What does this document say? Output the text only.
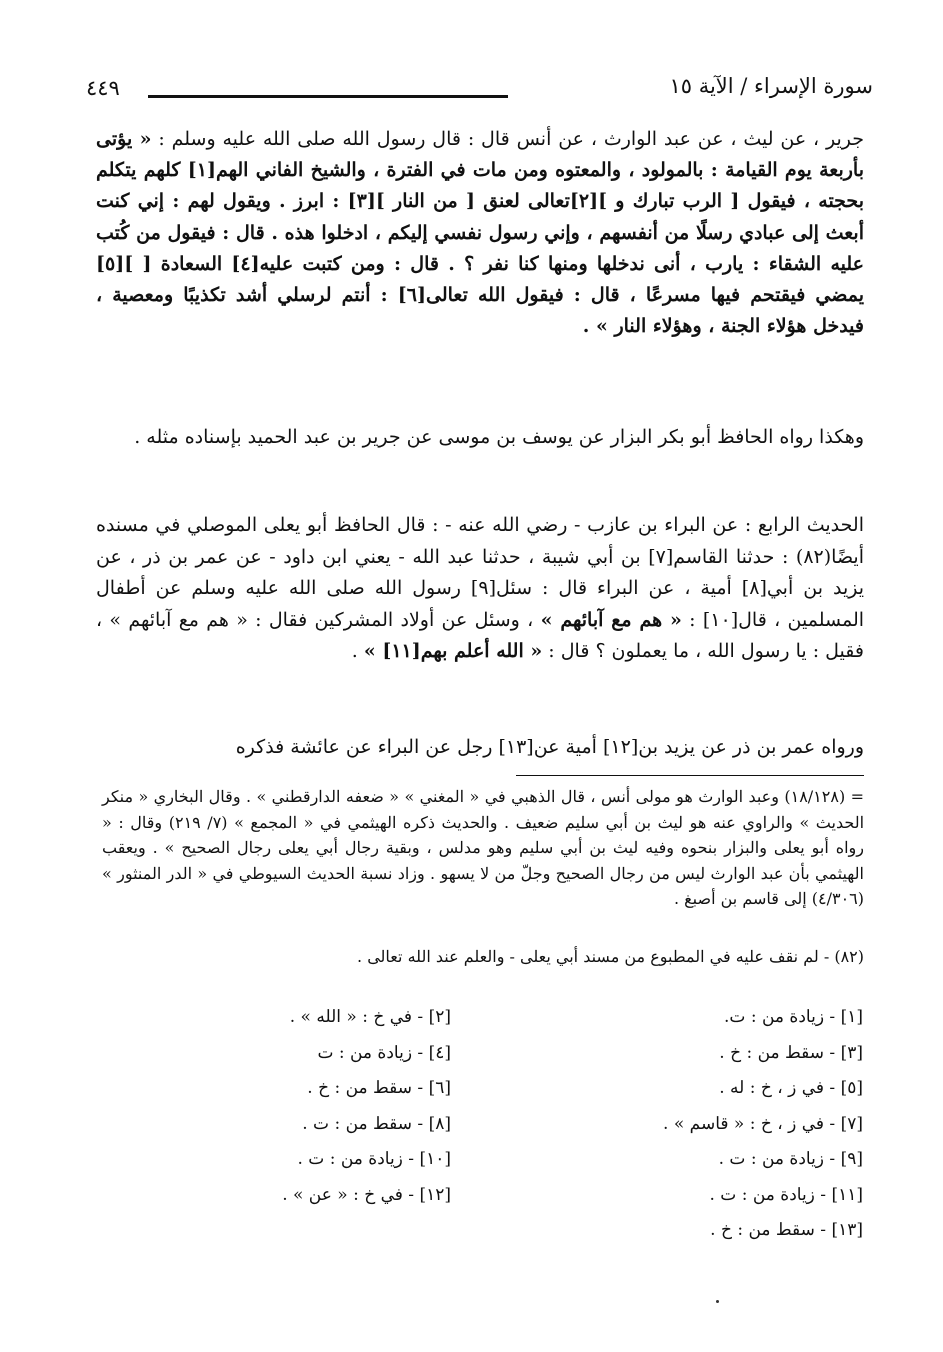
سورة الإسراء / الآية ١٥
٤٤٩

جرير ، عن ليث ، عن عبد الوارث ، عن أنس قال : قال رسول الله صلى الله عليه وسلم : « يؤتى بأربعة يوم القيامة : بالمولود ، والمعتوه ومن مات في الفترة ، والشيخ الفاني الهم[١] كلهم يتكلم بحجته ، فيقول [ الرب تبارك و ][٢]تعالى لعنق [ من النار ][٣] : ابرز . ويقول لهم : إني كنت أبعث إلى عبادي رسلًا من أنفسهم ، وإني رسول نفسي إليكم ، ادخلوا هذه . قال : فيقول من كُتب عليه الشقاء : يارب ، أنى ندخلها ومنها كنا نفر ؟ . قال : ومن كتبت عليه[٤] السعادة [ ][٥] يمضي فيقتحم فيها مسرعًا ، قال : فيقول الله تعالى[٦] : أنتم لرسلي أشد تكذيبًا ومعصية ، فيدخل هؤلاء الجنة ، وهؤلاء النار » .

وهكذا رواه الحافظ أبو بكر البزار عن يوسف بن موسى عن جرير بن عبد الحميد بإسناده مثله .

الحديث الرابع : عن البراء بن عازب - رضي الله عنه - : قال الحافظ أبو يعلى الموصلي في مسنده أيضًا(٨٢) : حدثنا القاسم[٧] بن أبي شيبة ، حدثنا عبد الله - يعني ابن داود - عن عمر بن ذر ، عن يزيد بن أبي[٨] أمية ، عن البراء قال : سئل[٩] رسول الله صلى الله عليه وسلم عن أطفال المسلمين ، قال[١٠] : « هم مع آبائهم » ، وسئل عن أولاد المشركين فقال : « هم مع آبائهم » ، فقيل : يا رسول الله ، ما يعملون ؟ قال : « الله أعلم بهم[١١] » .

ورواه عمر بن ذر عن يزيد بن[١٢] أمية عن[١٣] رجل عن البراء عن عائشة فذكره

= (١٨/١٢٨) وعبد الوارث هو مولى أنس ، قال الذهبي في « المغني » « ضعفه الدارقطني » . وقال البخاري « منكر الحديث » والراوي عنه هو ليث بن أبي سليم ضعيف . والحديث ذكره الهيثمي في « المجمع » (٧/ ٢١٩) وقال : « رواه أبو يعلى والبزار بنحوه وفيه ليث بن أبي سليم وهو مدلس ، وبقية رجال أبي يعلى رجال الصحيح » . ويعقب الهيثمي بأن عبد الوارث ليس من رجال الصحيح وجلّ من لا يسهو . وزاد نسبة الحديث السيوطي في « الدر المنثور » (٤/٣٠٦) إلى قاسم بن أصبغ .

(٨٢) - لم نقف عليه في المطبوع من مسند أبي يعلى - والعلم عند الله تعالى .

[١] - زيادة من : ت.
[٣] - سقط من : خ .
[٥] - في ز ، خ : له .
[٧] - في ز ، خ : « قاسم » .
[٩] - زيادة من : ت .
[١١] - زيادة من : ت .
[١٣] - سقط من : خ .
[٢] - في خ : « الله » .
[٤] - زيادة من : ت
[٦] - سقط من : خ .
[٨] - سقط من : ت .
[١٠] - زيادة من : ت .
[١٢] - في خ : « عن » .
